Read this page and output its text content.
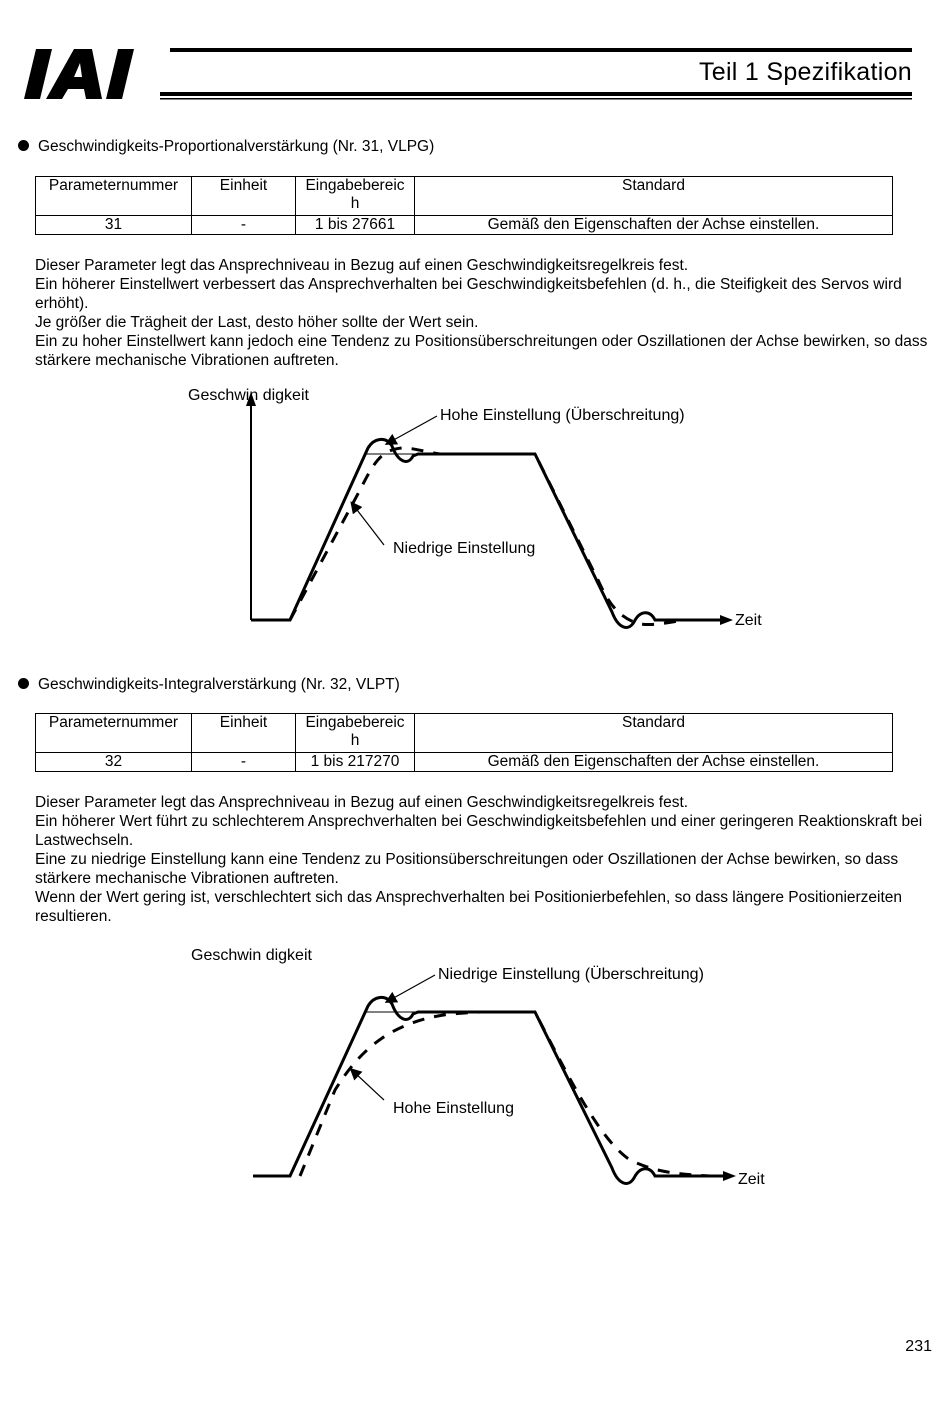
Teil 1 Spezifikation
Geschwindigkeits-Proportionalverstärkung (Nr. 31, VLPG)
Parameternummer	Einheit	Eingabebereic h	Standard
31	-	1 bis 27661	Gemäß den Eigenschaften der Achse einstellen.

Dieser Parameter legt das Ansprechniveau in Bezug auf einen Geschwindigkeitsregelkreis fest.

Ein höherer Einstellwert verbessert das Ansprechverhalten bei Geschwindigkeitsbefehlen (d. h., die Steifigkeit des Servos wird erhöht).

Je größer die Trägheit der Last, desto höher sollte der Wert sein.

Ein zu hoher Einstellwert kann jedoch eine Tendenz zu Positionsüberschreitungen oder Oszillationen der Achse bewirken, so dass stärkere mechanische Vibrationen auftreten.

Geschwin digkeit
Hohe Einstellung (Überschreitung)
Niedrige Einstellung
Zeit
Geschwindigkeits-Integralverstärkung (Nr. 32, VLPT)
Parameternummer	Einheit	Eingabebereic h	Standard
32	-	1 bis 217270	Gemäß den Eigenschaften der Achse einstellen.

Dieser Parameter legt das Ansprechniveau in Bezug auf einen Geschwindigkeitsregelkreis fest.

Ein höherer Wert führt zu schlechterem Ansprechverhalten bei Geschwindigkeitsbefehlen und einer geringeren Reaktionskraft bei Lastwechseln.

Eine zu niedrige Einstellung kann eine Tendenz zu Positionsüberschreitungen oder Oszillationen der Achse bewirken, so dass stärkere mechanische Vibrationen auftreten.

Wenn der Wert gering ist, verschlechtert sich das Ansprechverhalten bei Positionierbefehlen, so dass längere Positionierzeiten resultieren.

Geschwin digkeit
Niedrige Einstellung (Überschreitung)
Hohe Einstellung
Zeit
231
